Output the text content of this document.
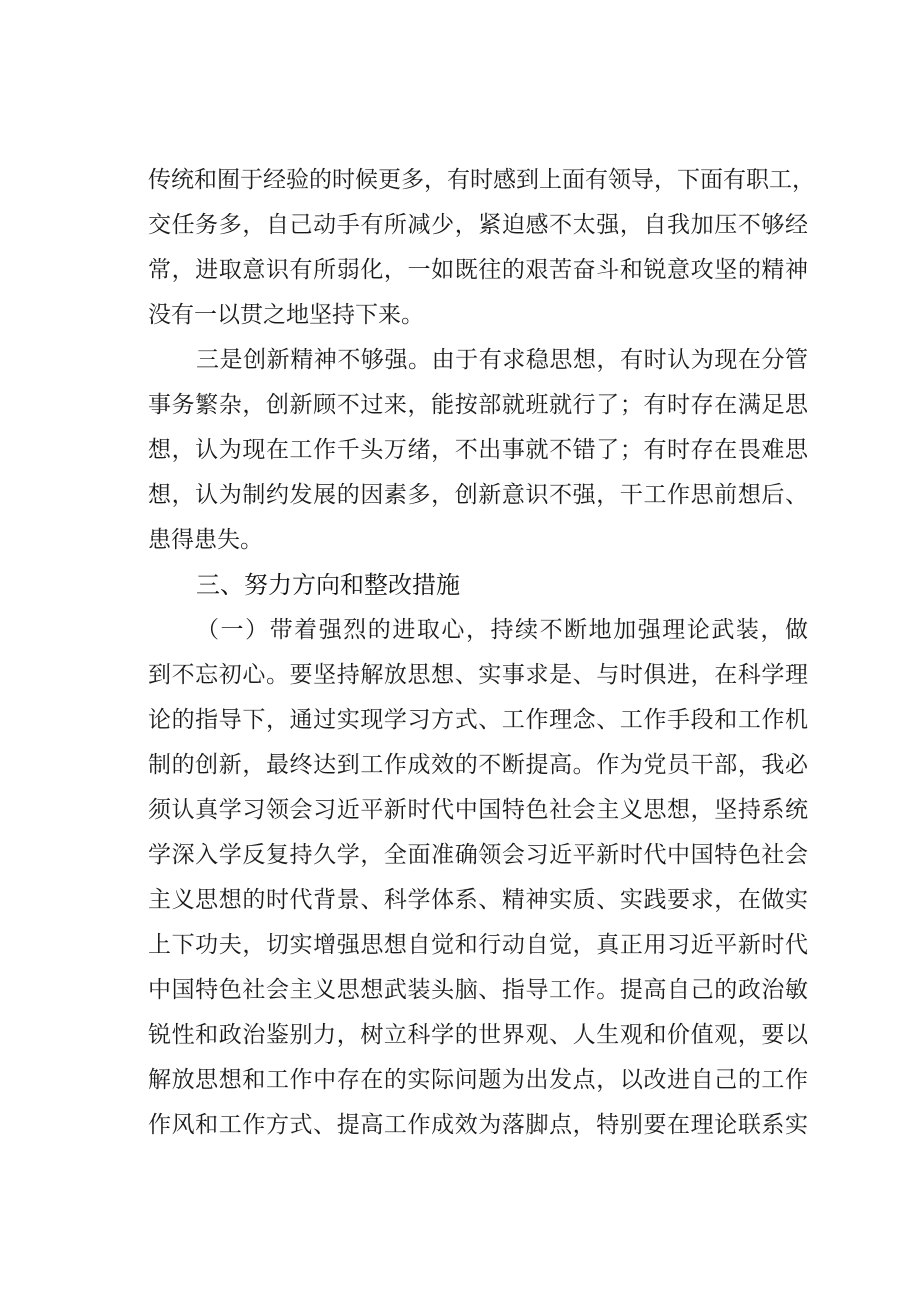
传统和囿于经验的时候更多，有时感到上面有领导，下面有职工，
交任务多，自己动手有所减少，紧迫感不太强，自我加压不够经
常，进取意识有所弱化，一如既往的艰苦奋斗和锐意攻坚的精神
没有一以贯之地坚持下来。
三是创新精神不够强。由于有求稳思想，有时认为现在分管
事务繁杂，创新顾不过来，能按部就班就行了；有时存在满足思
想，认为现在工作千头万绪，不出事就不错了；有时存在畏难思
想，认为制约发展的因素多，创新意识不强，干工作思前想后、
患得患失。
三、努力方向和整改措施
（一）带着强烈的进取心，持续不断地加强理论武装，做
到不忘初心。要坚持解放思想、实事求是、与时俱进，在科学理
论的指导下，通过实现学习方式、工作理念、工作手段和工作机
制的创新，最终达到工作成效的不断提高。作为党员干部，我必
须认真学习领会习近平新时代中国特色社会主义思想，坚持系统
学深入学反复持久学，全面准确领会习近平新时代中国特色社会
主义思想的时代背景、科学体系、精神实质、实践要求，在做实
上下功夫，切实增强思想自觉和行动自觉，真正用习近平新时代
中国特色社会主义思想武装头脑、指导工作。提高自己的政治敏
锐性和政治鉴别力，树立科学的世界观、人生观和价值观，要以
解放思想和工作中存在的实际问题为出发点，以改进自己的工作
作风和工作方式、提高工作成效为落脚点，特别要在理论联系实
